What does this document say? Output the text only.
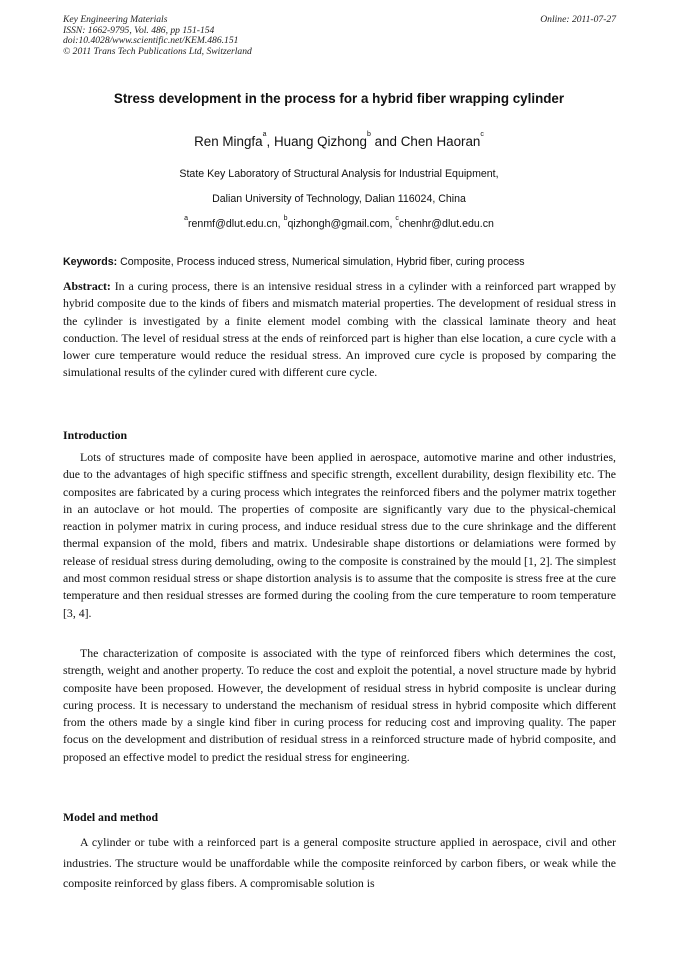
Key Engineering Materials
ISSN: 1662-9795, Vol. 486, pp 151-154
doi:10.4028/www.scientific.net/KEM.486.151
© 2011 Trans Tech Publications Ltd, Switzerland
Online: 2011-07-27
Stress development in the process for a hybrid fiber wrapping cylinder
Ren Mingfa$^a$, Huang Qizhong$^b$ and Chen Haoran$^c$
State Key Laboratory of Structural Analysis for Industrial Equipment,
Dalian University of Technology, Dalian 116024, China
$^a$renmf@dlut.edu.cn, $^b$qizhongh@gmail.com, $^c$chenhr@dlut.edu.cn
Keywords: Composite, Process induced stress, Numerical simulation, Hybrid fiber, curing process
Abstract: In a curing process, there is an intensive residual stress in a cylinder with a reinforced part wrapped by hybrid composite due to the kinds of fibers and mismatch material properties. The development of residual stress in the cylinder is investigated by a finite element model combing with the classical laminate theory and heat conduction. The level of residual stress at the ends of reinforced part is higher than else location, a cure cycle with a lower cure temperature would reduce the residual stress. An improved cure cycle is proposed by comparing the simulational results of the cylinder cured with different cure cycle.
Introduction
Lots of structures made of composite have been applied in aerospace, automotive marine and other industries, due to the advantages of high specific stiffness and specific strength, excellent durability, design flexibility etc. The composites are fabricated by a curing process which integrates the reinforced fibers and the polymer matrix together in an autoclave or hot mould. The properties of composite are significantly vary due to the physical-chemical reaction in polymer matrix in curing process, and induce residual stress due to the cure shrinkage and the different thermal expansion of the mold, fibers and matrix. Undesirable shape distortions or delamiations were formed by release of residual stress during demoluding, owing to the composite is constrained by the mould [1, 2]. The simplest and most common residual stress or shape distortion analysis is to assume that the composite is stress free at the cure temperature and then residual stresses are formed during the cooling from the cure temperature to room temperature [3, 4].
The characterization of composite is associated with the type of reinforced fibers which determines the cost, strength, weight and another property. To reduce the cost and exploit the potential, a novel structure made by hybrid composite have been proposed. However, the development of residual stress in hybrid composite is unclear during curing process. It is necessary to understand the mechanism of residual stress in hybrid composite which different from the others made by a single kind fiber in curing process for reducing cost and improving quality. The paper focus on the development and distribution of residual stress in a reinforced structure made of hybrid composite, and proposed an effective model to predict the residual stress for engineering.
Model and method
A cylinder or tube with a reinforced part is a general composite structure applied in aerospace, civil and other industries. The structure would be unaffordable while the composite reinforced by carbon fibers, or weak while the composite reinforced by glass fibers. A compromisable solution is
